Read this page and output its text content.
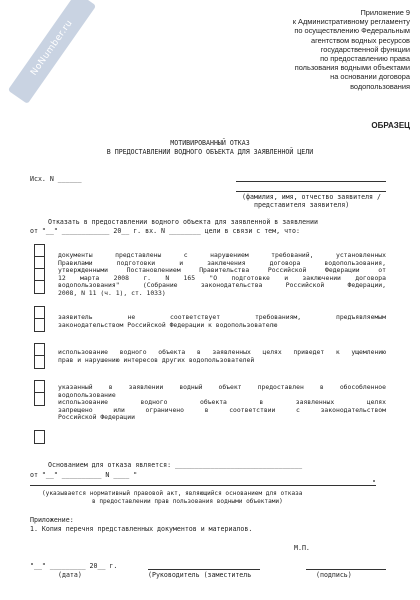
NoNumber.ru
Приложение 9
к Административному регламенту
по осуществлению Федеральным
агентством водных ресурсов
государственной функции
по предоставлению права
пользования водными объектами
на основании договора
водопользования
ОБРАЗЕЦ
МОТИВИРОВАННЫЙ ОТКАЗ
В ПРЕДОСТАВЛЕНИИ ВОДНОГО ОБЪЕКТА ДЛЯ ЗАЯВЛЕННОЙ ЦЕЛИ
Исх. N ______
(фамилия, имя, отчество заявителя /
представителя заявителя)
Отказать в предоставлении водного объекта для заявленной в заявлении
от "__" ____________ 20__ г. вх. N ________ цели в связи с тем, что:
документы представлены с нарушением требований, установленных
Правилами подготовки и заключения договора водопользования,
утвержденными Постановлением Правительства Российской Федерации от
12 марта 2008 г. N 165 "О подготовке и заключении договора
водопользования" (Собрание законодательства Российской Федерации,
2008, N 11 (ч. 1), ст. 1033)
заявитель не соответствует требованиям, предъявляемым
законодательством Российской Федерации к водопользователю
использование водного объекта в заявленных целях приведет к ущемлению
прав и нарушению интересов других водопользователей
указанный в заявлении водный объект предоставлен в обособленное
водопользование
использование водного объекта в заявленных целях
запрещено или ограничено в соответствии с законодательством
Российской Федерации
Основанием для отказа является: ________________________________
от "__" __________ N ____ "
"
(указывается нормативный правовой акт, являющийся основанием для отказа
в предоставлении прав пользования водными объектами)
Приложение:
1. Копия перечня представленных документов и материалов.
М.П.
"__" _________ 20__ г.
(дата)	(Руководитель (заместитель	(подпись)
